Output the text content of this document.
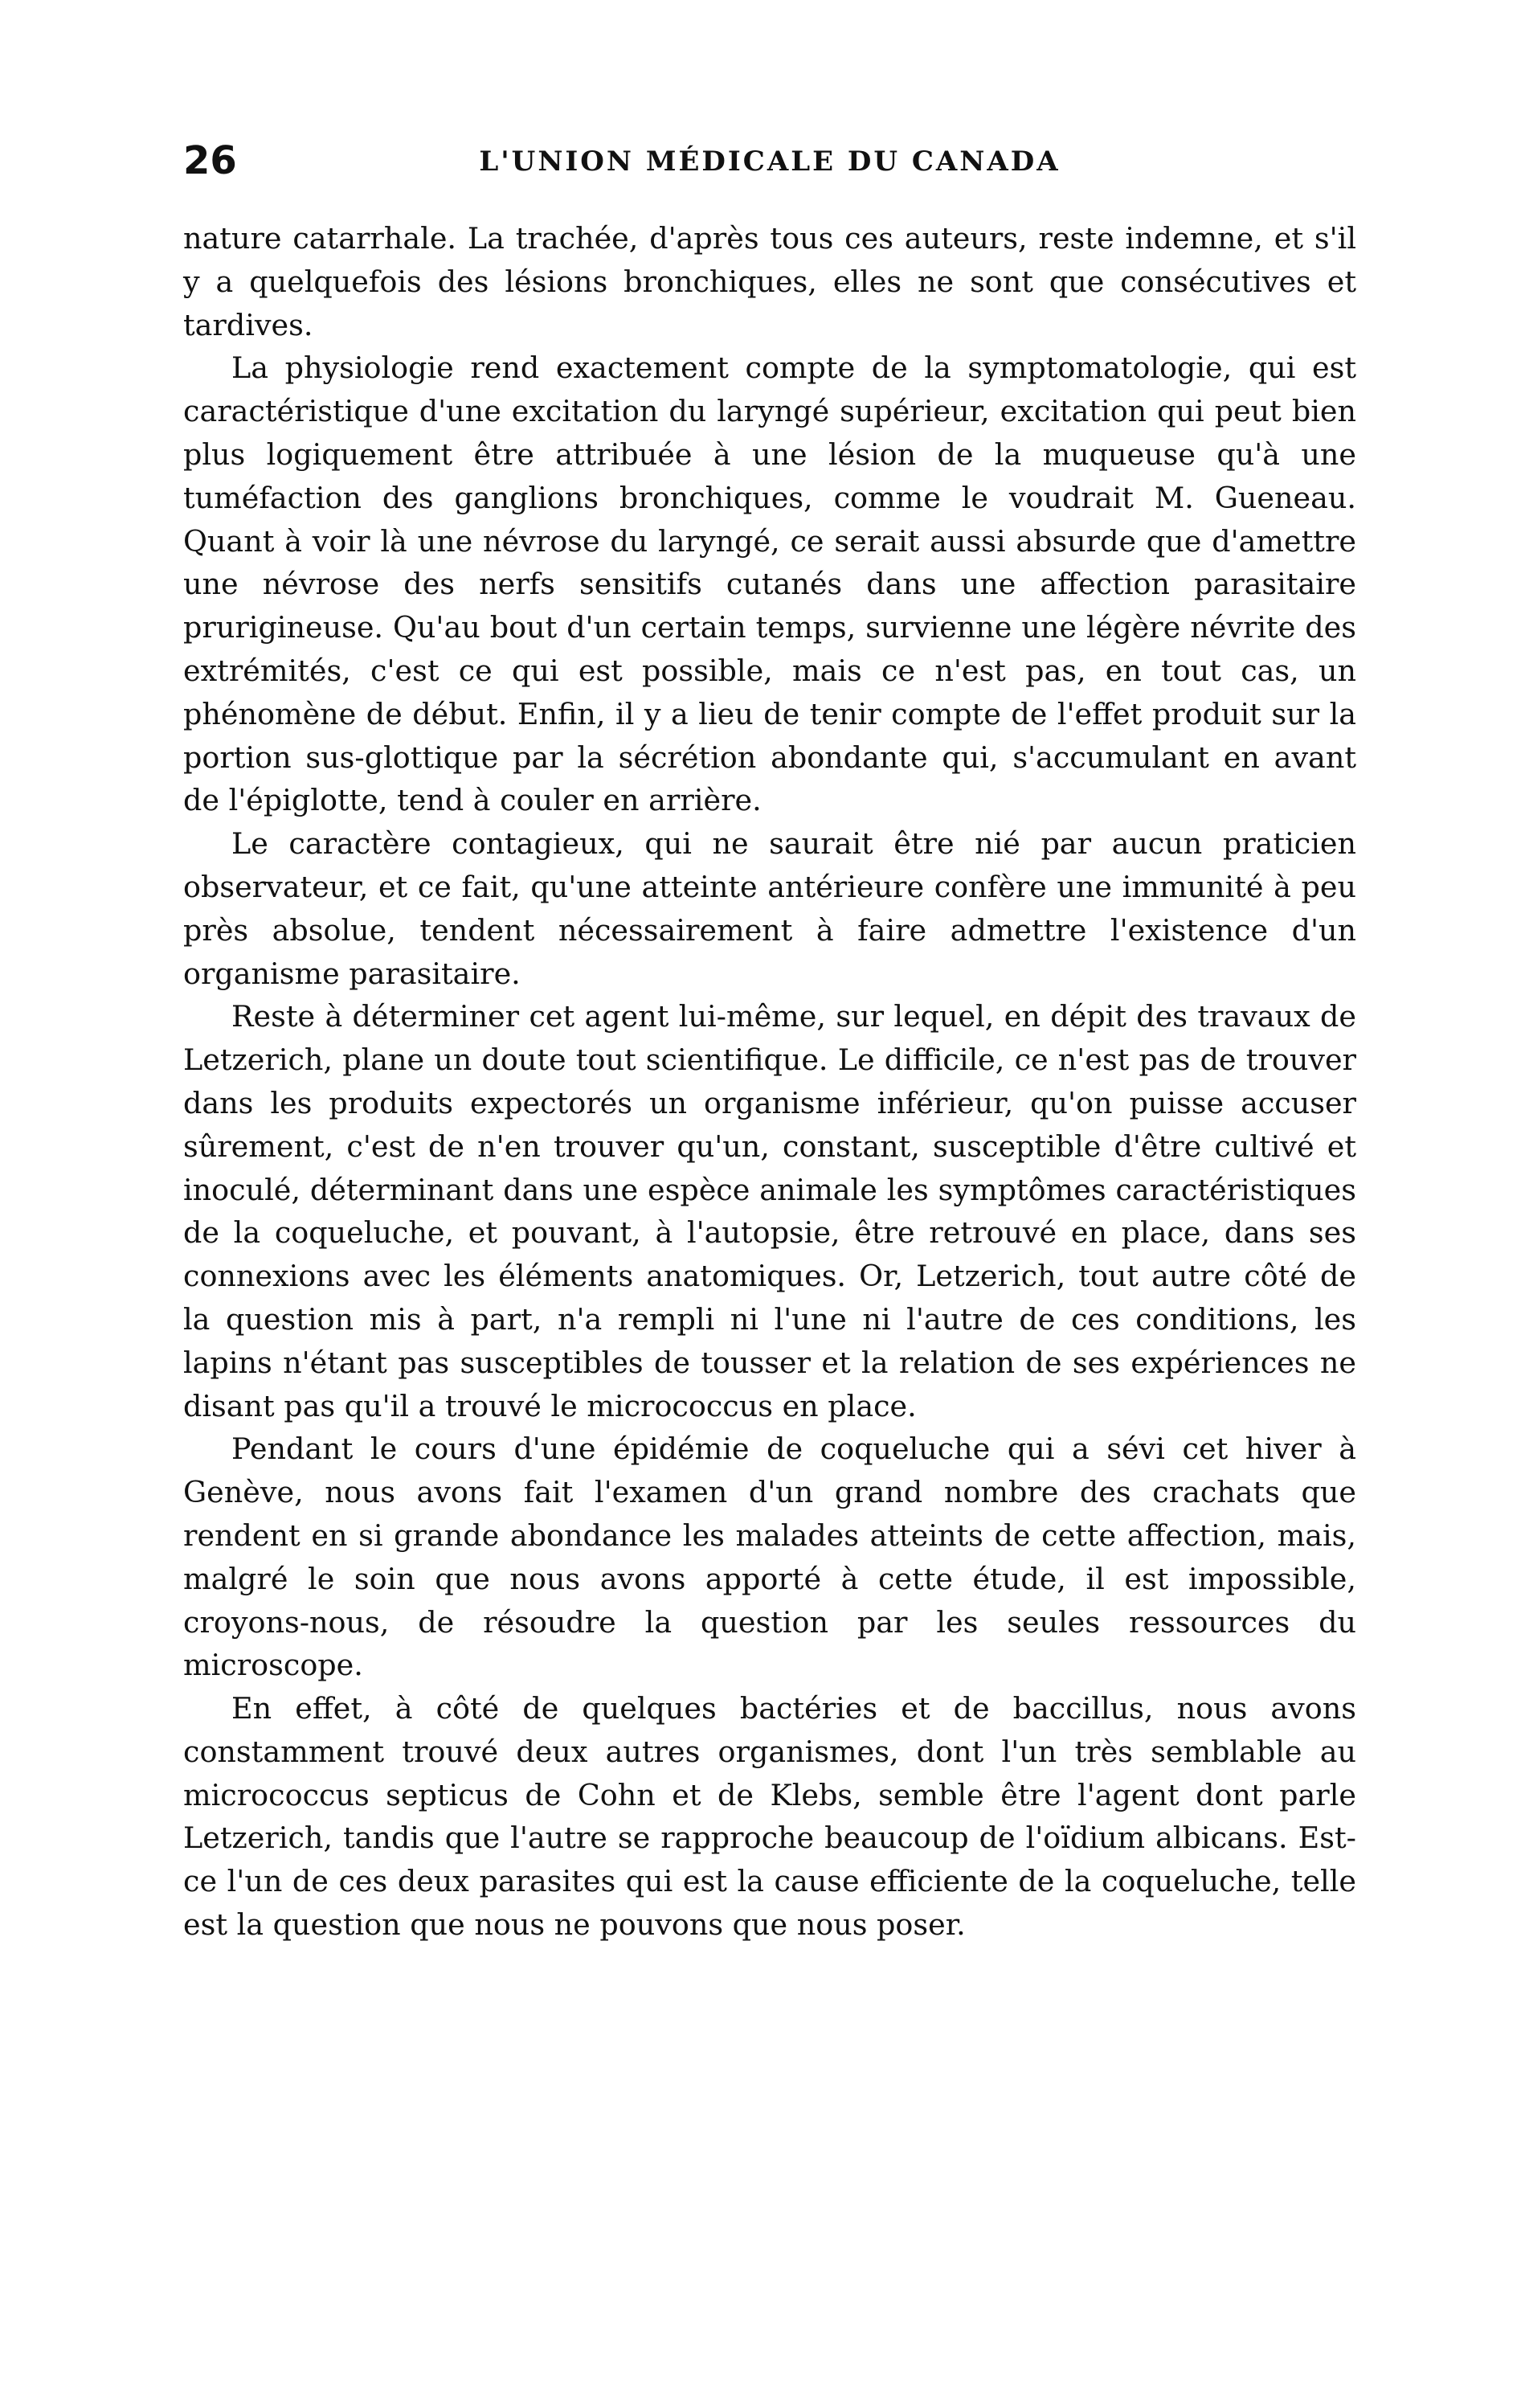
26	L'UNION MÉDICALE DU CANADA

nature catarrhale. La trachée, d'après tous ces auteurs, reste indemne, et s'il y a quelquefois des lésions bronchiques, elles ne sont que consécutives et tardives.

La physiologie rend exactement compte de la symptomatologie, qui est caractéristique d'une excitation du laryngé supérieur, excitation qui peut bien plus logiquement être attribuée à une lésion de la muqueuse qu'à une tuméfaction des ganglions bronchiques, comme le voudrait M. Gueneau. Quant à voir là une névrose du laryngé, ce serait aussi absurde que d'amettre une névrose des nerfs sensitifs cutanés dans une affection parasitaire prurigineuse. Qu'au bout d'un certain temps, survienne une légère névrite des extrémités, c'est ce qui est possible, mais ce n'est pas, en tout cas, un phénomène de début. Enfin, il y a lieu de tenir compte de l'effet produit sur la portion sus-glottique par la sécrétion abondante qui, s'accumulant en avant de l'épiglotte, tend à couler en arrière.

Le caractère contagieux, qui ne saurait être nié par aucun praticien observateur, et ce fait, qu'une atteinte antérieure confère une immunité à peu près absolue, tendent nécessairement à faire admettre l'existence d'un organisme parasitaire.

Reste à déterminer cet agent lui-même, sur lequel, en dépit des travaux de Letzerich, plane un doute tout scientifique. Le difficile, ce n'est pas de trouver dans les produits expectorés un organisme inférieur, qu'on puisse accuser sûrement, c'est de n'en trouver qu'un, constant, susceptible d'être cultivé et inoculé, déterminant dans une espèce animale les symptômes caractéristiques de la coqueluche, et pouvant, à l'autopsie, être retrouvé en place, dans ses connexions avec les éléments anatomiques. Or, Letzerich, tout autre côté de la question mis à part, n'a rempli ni l'une ni l'autre de ces conditions, les lapins n'étant pas susceptibles de tousser et la relation de ses expériences ne disant pas qu'il a trouvé le micrococcus en place.

Pendant le cours d'une épidémie de coqueluche qui a sévi cet hiver à Genève, nous avons fait l'examen d'un grand nombre des crachats que rendent en si grande abondance les malades atteints de cette affection, mais, malgré le soin que nous avons apporté à cette étude, il est impossible, croyons-nous, de résoudre la question par les seules ressources du microscope.

En effet, à côté de quelques bactéries et de baccillus, nous avons constamment trouvé deux autres organismes, dont l'un très semblable au micrococcus septicus de Cohn et de Klebs, semble être l'agent dont parle Letzerich, tandis que l'autre se rapproche beaucoup de l'oïdium albicans. Est-ce l'un de ces deux parasites qui est la cause efficiente de la coqueluche, telle est la question que nous ne pouvons que nous poser.
